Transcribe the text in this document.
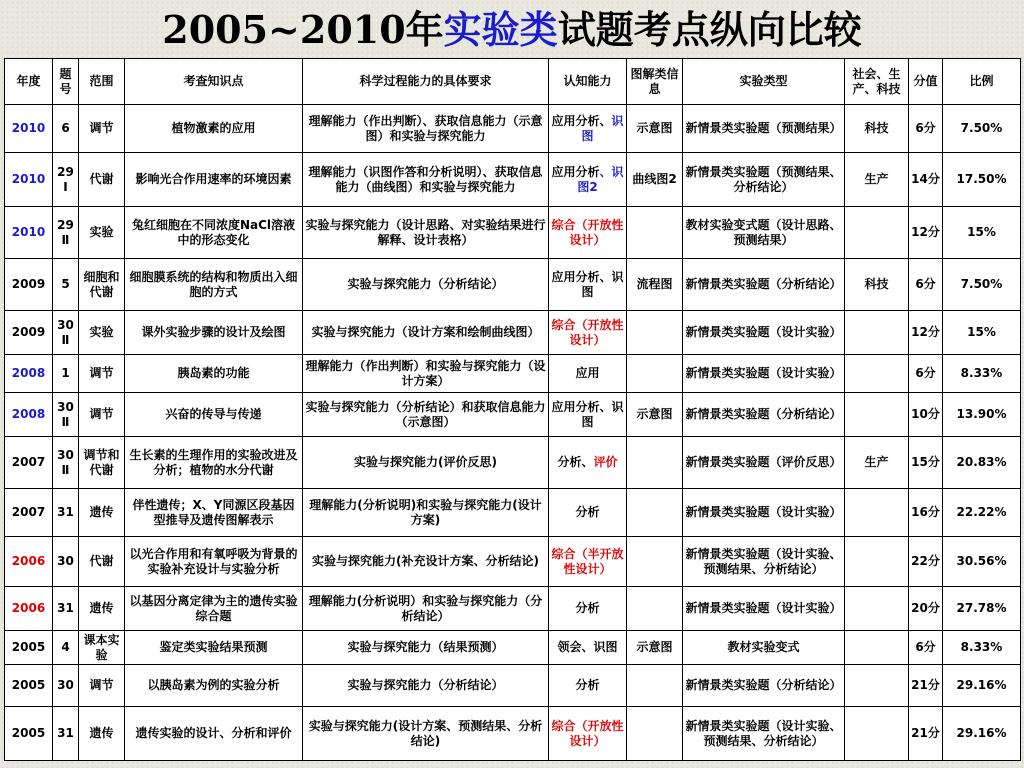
2005~2010年实验类试题考点纵向比较
年度	题号	范围	考查知识点	科学过程能力的具体要求	认知能力	图解类信息	实验类型	社会、生产、科技	分值	比例
2010	6	调节	植物激素的应用	理解能力（作出判断）、获取信息能力（示意图）和实验与探究能力	应用分析、识图	示意图	新情景类实验题（预测结果）	科技	6分	7.50%
2010	29 I	代谢	影响光合作用速率的环境因素	理解能力（识图作答和分析说明）、获取信息能力（曲线图）和实验与探究能力	应用分析、识图2	曲线图2	新情景类实验题（预测结果、分析结论）	生产	14分	17.50%
2010	29 Ⅱ	实验	兔红细胞在不同浓度NaCl溶液中的形态变化	实验与探究能力（设计思路、对实验结果进行解释、设计表格）	综合（开放性设计）		教材实验变式题（设计思路、预测结果）		12分	15%
2009	5	细胞和代谢	细胞膜系统的结构和物质出入细胞的方式	实验与探究能力（分析结论）	应用分析、识图	流程图	新情景类实验题（分析结论）	科技	6分	7.50%
2009	30 Ⅱ	实验	课外实验步骤的设计及绘图	实验与探究能力（设计方案和绘制曲线图）	综合（开放性设计）		新情景类实验题（设计实验）		12分	15%
2008	1	调节	胰岛素的功能	理解能力（作出判断）和实验与探究能力（设计方案）	应用		新情景类实验题（设计实验）		6分	8.33%
2008	30 Ⅱ	调节	兴奋的传导与传递	实验与探究能力（分析结论）和获取信息能力（示意图）	应用分析、识图	示意图	新情景类实验题（分析结论）		10分	13.90%
2007	30 Ⅱ	调节和代谢	生长素的生理作用的实验改进及分析；植物的水分代谢	实验与探究能力(评价反思)	分析、评价		新情景类实验题（评价反思）	生产	15分	20.83%
2007	31	遗传	伴性遗传；X、Y同源区段基因型推导及遗传图解表示	理解能力(分析说明)和实验与探究能力(设计方案)	分析		新情景类实验题（设计实验）		16分	22.22%
2006	30	代谢	以光合作用和有氧呼吸为背景的实验补充设计与实验分析	实验与探究能力(补充设计方案、分析结论)	综合（半开放性设计）		新情景类实验题（设计实验、预测结果、分析结论）		22分	30.56%
2006	31	遗传	以基因分离定律为主的遗传实验综合题	理解能力(分析说明）和实验与探究能力（分析结论）	分析		新情景类实验题（设计实验）		20分	27.78%
2005	4	课本实验	鉴定类实验结果预测	实验与探究能力（结果预测）	领会、识图	示意图	教材实验变式		6分	8.33%
2005	30	调节	以胰岛素为例的实验分析	实验与探究能力（分析结论）	分析		新情景类实验题（分析结论）		21分	29.16%
2005	31	遗传	遗传实验的设计、分析和评价	实验与探究能力(设计方案、预测结果、分析结论)	综合（开放性设计）		新情景类实验题（设计实验、预测结果、分析结论）		21分	29.16%
